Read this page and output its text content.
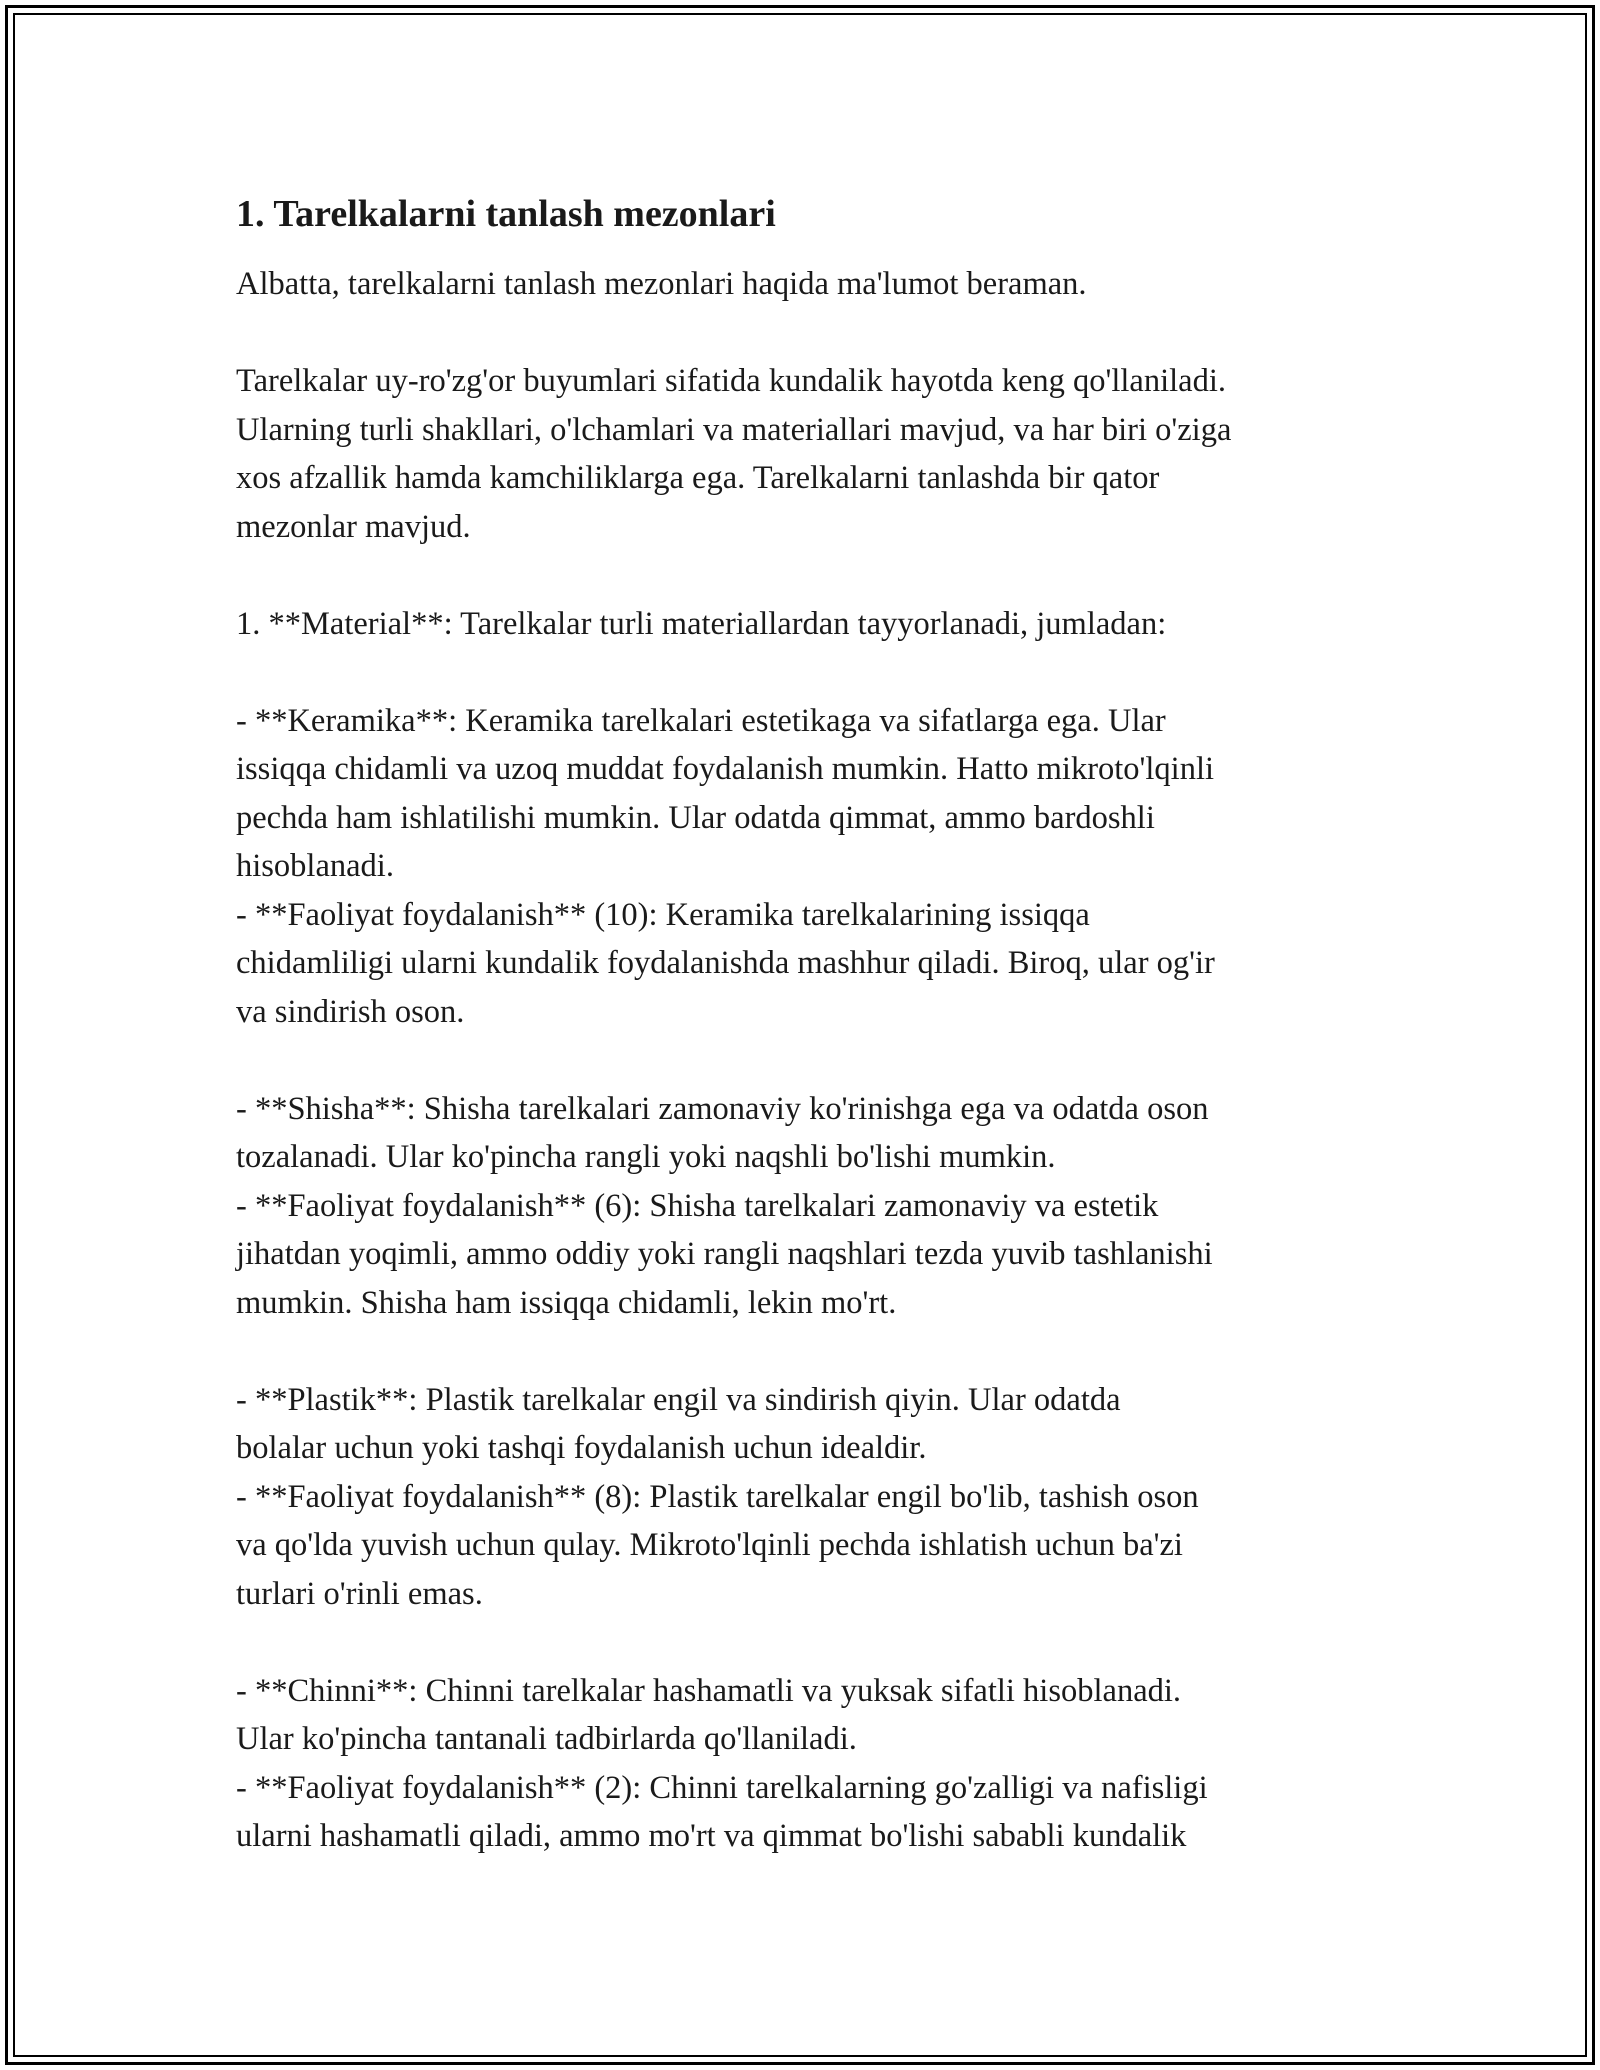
1. Tarelkalarni tanlash mezonlari

Albatta, tarelkalarni tanlash mezonlari haqida ma'lumot beraman.

Tarelkalar uy-ro'zg'or buyumlari sifatida kundalik hayotda keng qo'llaniladi.
Ularning turli shakllari, o'lchamlari va materiallari mavjud, va har biri o'ziga
xos afzallik hamda kamchiliklarga ega. Tarelkalarni tanlashda bir qator
mezonlar mavjud.

1. **Material**: Tarelkalar turli materiallardan tayyorlanadi, jumladan:

- **Keramika**: Keramika tarelkalari estetikaga va sifatlarga ega. Ular
issiqqa chidamli va uzoq muddat foydalanish mumkin. Hatto mikroto'lqinli
pechda ham ishlatilishi mumkin. Ular odatda qimmat, ammo bardoshli
hisoblanadi.
- **Faoliyat foydalanish** (10): Keramika tarelkalarining issiqqa
chidamliligi ularni kundalik foydalanishda mashhur qiladi. Biroq, ular og'ir
va sindirish oson.

- **Shisha**: Shisha tarelkalari zamonaviy ko'rinishga ega va odatda oson
tozalanadi. Ular ko'pincha rangli yoki naqshli bo'lishi mumkin.
- **Faoliyat foydalanish** (6): Shisha tarelkalari zamonaviy va estetik
jihatdan yoqimli, ammo oddiy yoki rangli naqshlari tezda yuvib tashlanishi
mumkin. Shisha ham issiqqa chidamli, lekin mo'rt.

- **Plastik**: Plastik tarelkalar engil va sindirish qiyin. Ular odatda
bolalar uchun yoki tashqi foydalanish uchun idealdir.
- **Faoliyat foydalanish** (8): Plastik tarelkalar engil bo'lib, tashish oson
va qo'lda yuvish uchun qulay. Mikroto'lqinli pechda ishlatish uchun ba'zi
turlari o'rinli emas.

- **Chinni**: Chinni tarelkalar hashamatli va yuksak sifatli hisoblanadi.
Ular ko'pincha tantanali tadbirlarda qo'llaniladi.
- **Faoliyat foydalanish** (2): Chinni tarelkalarning go'zalligi va nafisligi
ularni hashamatli qiladi, ammo mo'rt va qimmat bo'lishi sababli kundalik
